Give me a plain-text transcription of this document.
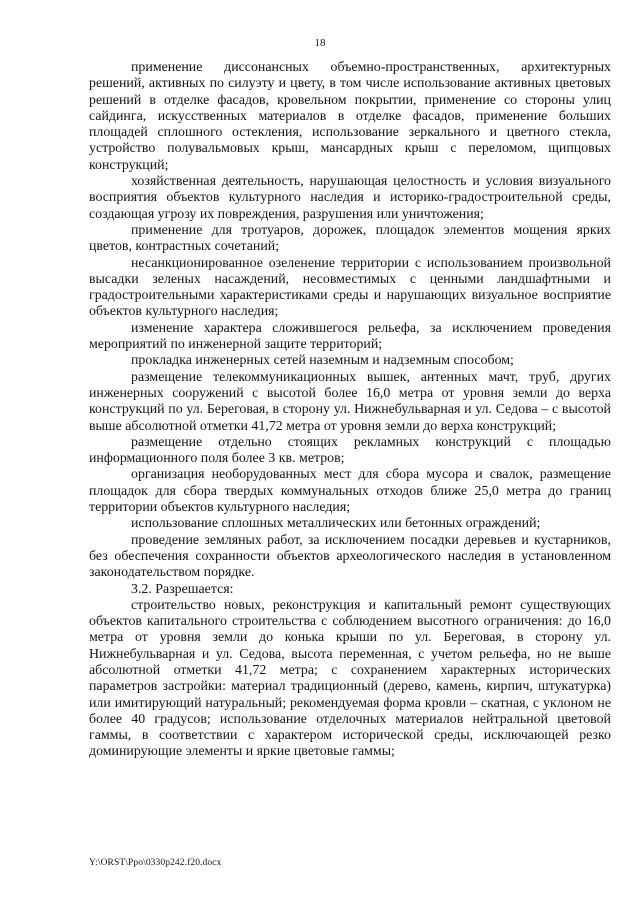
18

применение диссонансных объемно-пространственных, архитектурных решений, активных по силуэту и цвету, в том числе использование активных цветовых решений в отделке фасадов, кровельном покрытии, применение со стороны улиц сайдинга, искусственных материалов в отделке фасадов, применение больших площадей сплошного остекления, использование зеркального и цветного стекла, устройство полувальмовых крыш, мансардных крыш с переломом, щипцовых конструкций;

хозяйственная деятельность, нарушающая целостность и условия визуального восприятия объектов культурного наследия и историко-градостроительной среды, создающая угрозу их повреждения, разрушения или уничтожения;

применение для тротуаров, дорожек, площадок элементов мощения ярких цветов, контрастных сочетаний;

несанкционированное озеленение территории с использованием произвольной высадки зеленых насаждений, несовместимых с ценными ландшафтными и градостроительными характеристиками среды и нарушающих визуальное восприятие объектов культурного наследия;

изменение характера сложившегося рельефа, за исключением проведения мероприятий по инженерной защите территорий;

прокладка инженерных сетей наземным и надземным способом;

размещение телекоммуникационных вышек, антенных мачт, труб, других инженерных сооружений с высотой более 16,0 метра от уровня земли до верха конструкций по ул. Береговая, в сторону ул. Нижнебульварная и ул. Седова – с высотой выше абсолютной отметки 41,72 метра от уровня земли до верха конструкций;

размещение отдельно стоящих рекламных конструкций с площадью информационного поля более 3 кв. метров;

организация необорудованных мест для сбора мусора и свалок, размещение площадок для сбора твердых коммунальных отходов ближе 25,0 метра до границ территории объектов культурного наследия;

использование сплошных металлических или бетонных ограждений;

проведение земляных работ, за исключением посадки деревьев и кустарников, без обеспечения сохранности объектов археологического наследия в установленном законодательством порядке.

3.2. Разрешается:

строительство новых, реконструкция и капитальный ремонт существующих объектов капитального строительства с соблюдением высотного ограничения: до 16,0 метра от уровня земли до конька крыши по ул. Береговая, в сторону ул. Нижнебульварная и ул. Седова, высота переменная, с учетом рельефа, но не выше абсолютной отметки 41,72 метра; с сохранением характерных исторических параметров застройки: материал традиционный (дерево, камень, кирпич, штукатурка) или имитирующий натуральный; рекомендуемая форма кровли – скатная, с уклоном не более 40 градусов; использование отделочных материалов нейтральной цветовой гаммы, в соответствии с характером исторической среды, исключающей резко доминирующие элементы и яркие цветовые гаммы;

Y:\ORST\Ppo\0330p242.f20.docx
